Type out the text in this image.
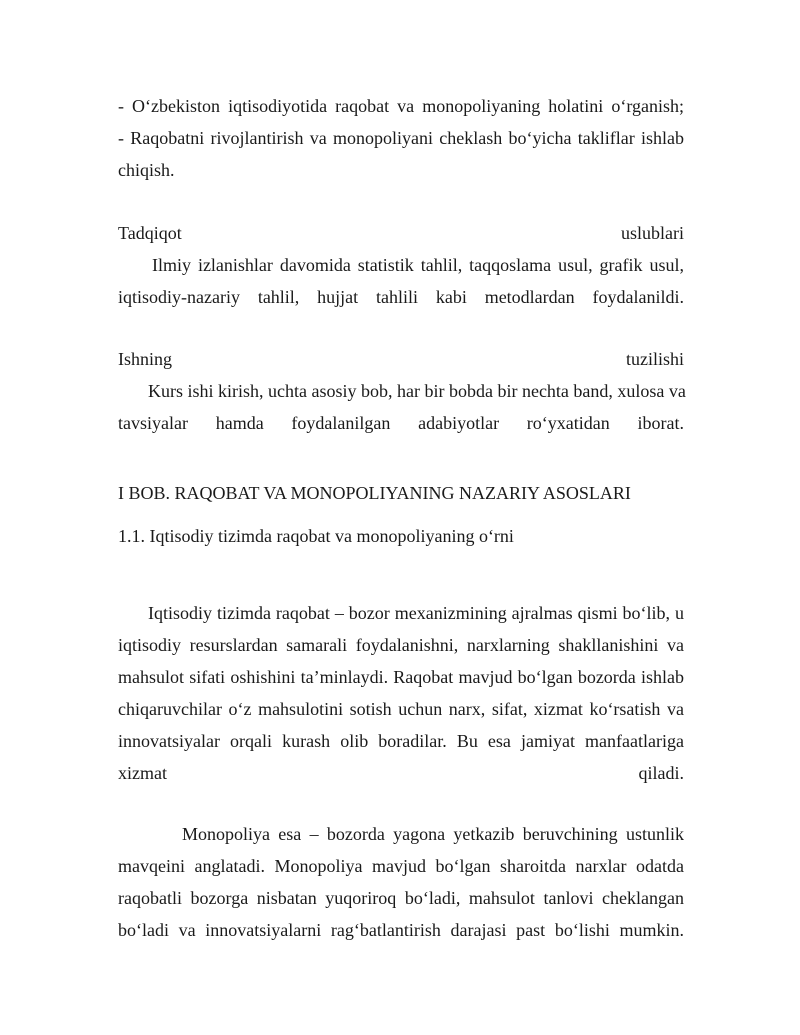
- O‘zbekiston iqtisodiyotida raqobat va monopoliyaning holatini o‘rganish;
- Raqobatni rivojlantirish va monopoliyani cheklash bo‘yicha takliflar ishlab
chiqish.
Tadqiqot	uslublari
Ilmiy izlanishlar davomida statistik tahlil, taqqoslama usul, grafik usul,
iqtisodiy-nazariy tahlil, hujjat tahlili kabi metodlardan foydalanildi.
Ishning	tuzilishi
Kurs ishi kirish, uchta asosiy bob, har bir bobda bir nechta band, xulosa va
tavsiyalar hamda foydalanilgan adabiyotlar ro‘yxatidan iborat.
I BOB. RAQOBAT VA MONOPOLIYANING NAZARIY ASOSLARI
1.1. Iqtisodiy tizimda raqobat va monopoliyaning o‘rni
Iqtisodiy tizimda raqobat – bozor mexanizmining ajralmas qismi bo‘lib, u
iqtisodiy resurslardan samarali foydalanishni, narxlarning shakllanishini va
mahsulot sifati oshishini ta’minlaydi. Raqobat mavjud bo‘lgan bozorda ishlab
chiqaruvchilar o‘z mahsulotini sotish uchun narx, sifat, xizmat ko‘rsatish va
innovatsiyalar orqali kurash olib boradilar. Bu esa jamiyat manfaatlariga
xizmat	qiladi.
Monopoliya esa – bozorda yagona yetkazib beruvchining ustunlik
mavqeini anglatadi. Monopoliya mavjud bo‘lgan sharoitda narxlar odatda
raqobatli bozorga nisbatan yuqoriroq bo‘ladi, mahsulot tanlovi cheklangan
bo‘ladi va innovatsiyalarni rag‘batlantirish darajasi past bo‘lishi mumkin.
